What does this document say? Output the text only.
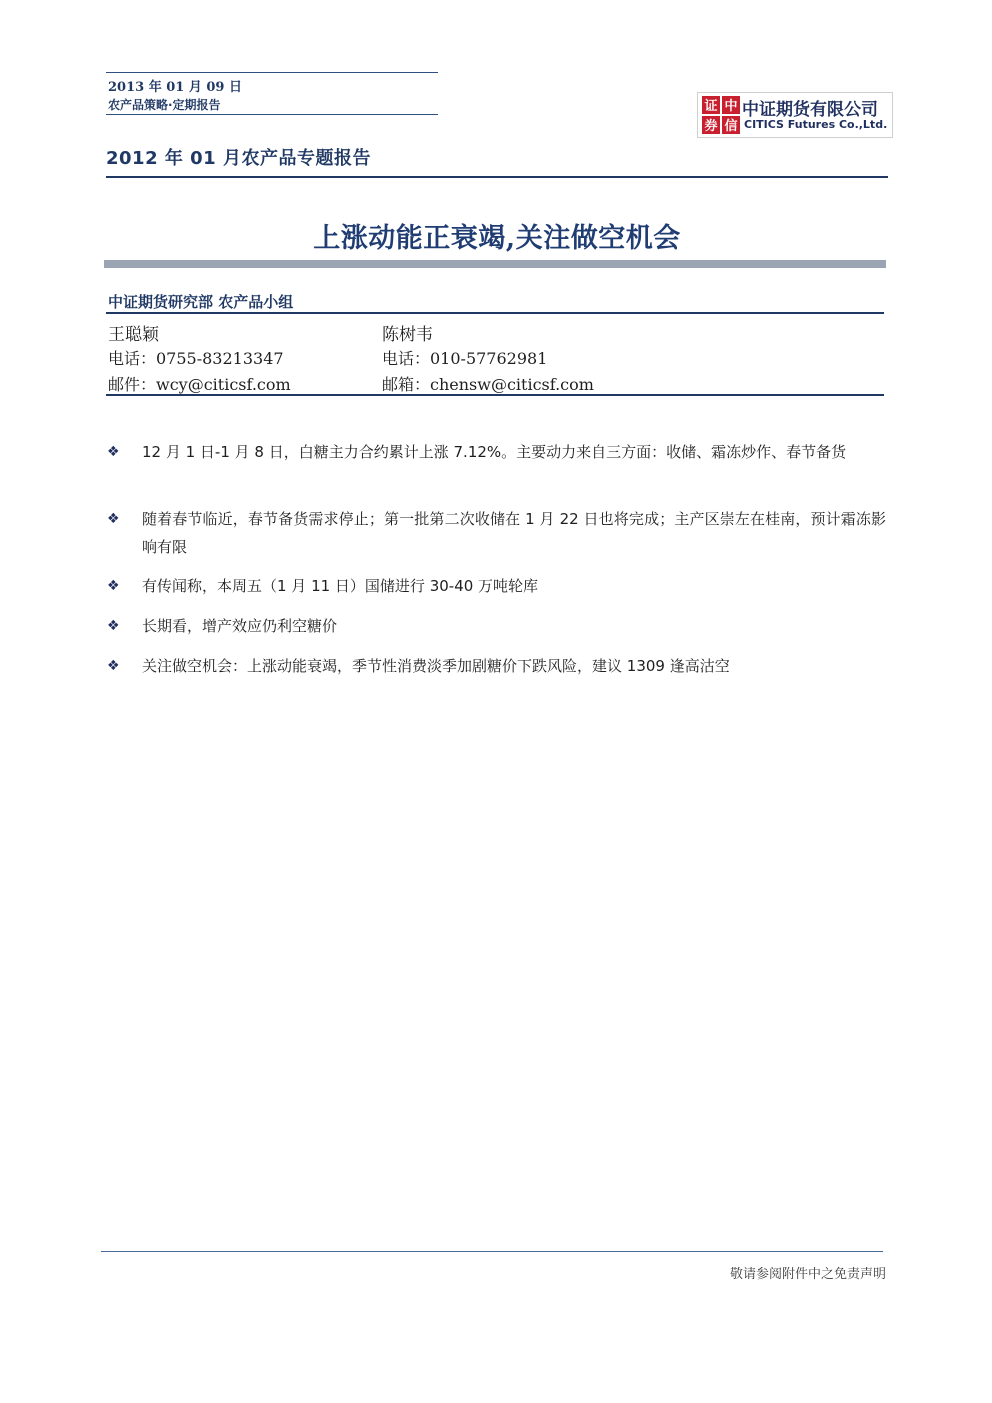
2013 年 01 月 09 日
农产品策略·定期报告	证 中
券 信
中证期货有限公司
CITICS Futures Co.,Ltd.
2012 年 01 月农产品专题报告
上涨动能正衰竭,关注做空机会
中证期货研究部 农产品小组
王聪颖
电话：0755-83213347
邮件：wcy@citicsf.com
陈树韦
电话：010-57762981
邮箱：chensw@citicsf.com
❖ 12 月 1 日-1 月 8 日，白糖主力合约累计上涨 7.12%。主要动力来自三方面：收储、霜冻炒作、春节备货
❖ 随着春节临近，春节备货需求停止；第一批第二次收储在 1 月 22 日也将完成；主产区崇左在桂南，预计霜冻影响有限
❖ 有传闻称，本周五（1 月 11 日）国储进行 30-40 万吨轮库
❖ 长期看，增产效应仍利空糖价
❖ 关注做空机会：上涨动能衰竭，季节性消费淡季加剧糖价下跌风险，建议 1309 逢高沽空
敬请参阅附件中之免责声明
